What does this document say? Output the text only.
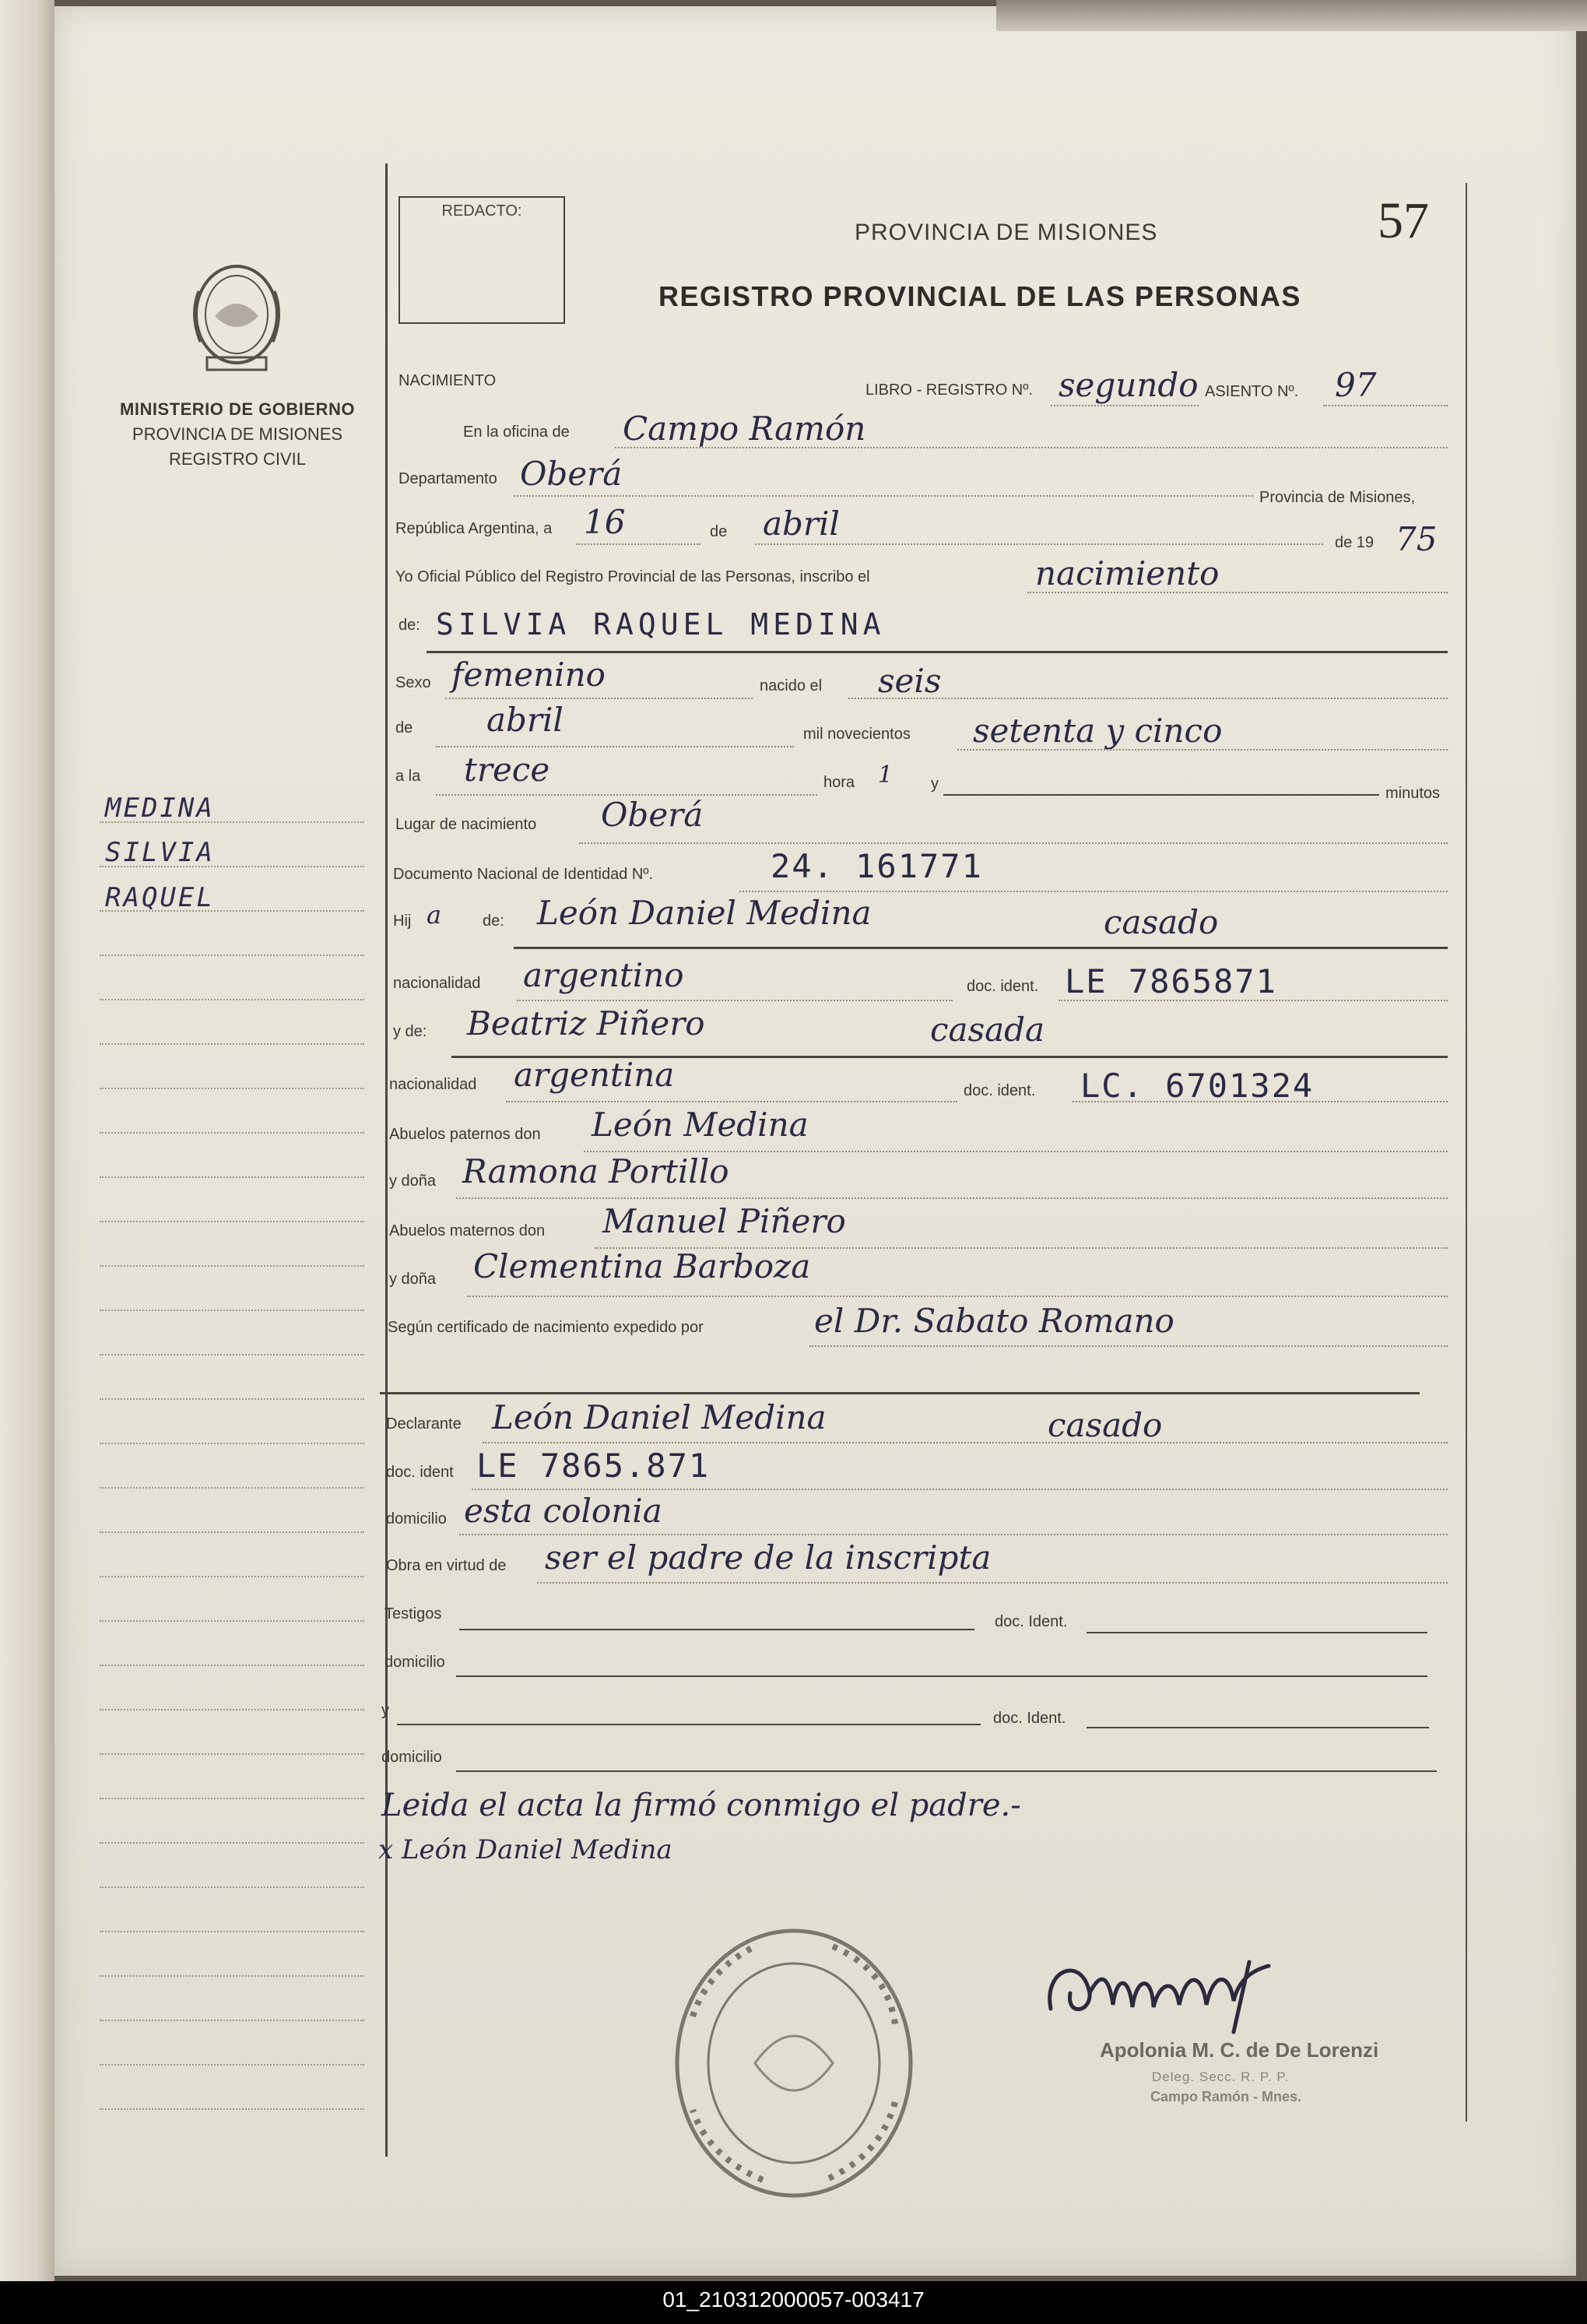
MINISTERIO DE GOBIERNO
PROVINCIA DE MISIONES
REGISTRO CIVIL
MEDINA
SILVIA
RAQUEL
REDACTO:
PROVINCIA DE MISIONES	57
REGISTRO PROVINCIAL DE LAS PERSONAS
NACIMIENTO
LIBRO - REGISTRO Nº. segundo ASIENTO Nº. 97
En la oficina de Campo Ramón
Departamento Oberá
Provincia de Misiones,
República Argentina, a 16	de abril	de 19 75
Yo Oficial Público del Registro Provincial de las Personas, inscribo el	nacimiento
de: SILVIA RAQUEL MEDINA
Sexo femenino	nacido el seis
de abril	mil novecientos setenta y cinco
a la trece	hora 1 y
minutos
Lugar de nacimiento Oberá
Documento Nacional de Identidad Nº.	24. 161771
Hij a	de: León Daniel Medina	casado
nacionalidad argentino	doc. ident. LE 7865871
y de: Beatriz Piñero	casada
nacionalidad argentina	doc. ident. LC. 6701324
Abuelos paternos don León Medina
y doña Ramona Portillo
Abuelos maternos don Manuel Piñero
y doña Clementina Barboza
Según certificado de nacimiento expedido por	el Dr. Sabato Romano
Declarante León Daniel Medina	casado
doc. ident LE 7865.871
domicilio esta colonia
Obra en virtud de ser el padre de la inscripta
Testigos	doc. Ident.
domicilio
y	doc. Ident.
domicilio
Leida el acta la firmó conmigo el padre.-
x León Daniel Medina
Apolonia M. C. de De Lorenzi
Deleg. Secc. R. P. P.
Campo Ramón - Mnes.
01_210312000057-003417
